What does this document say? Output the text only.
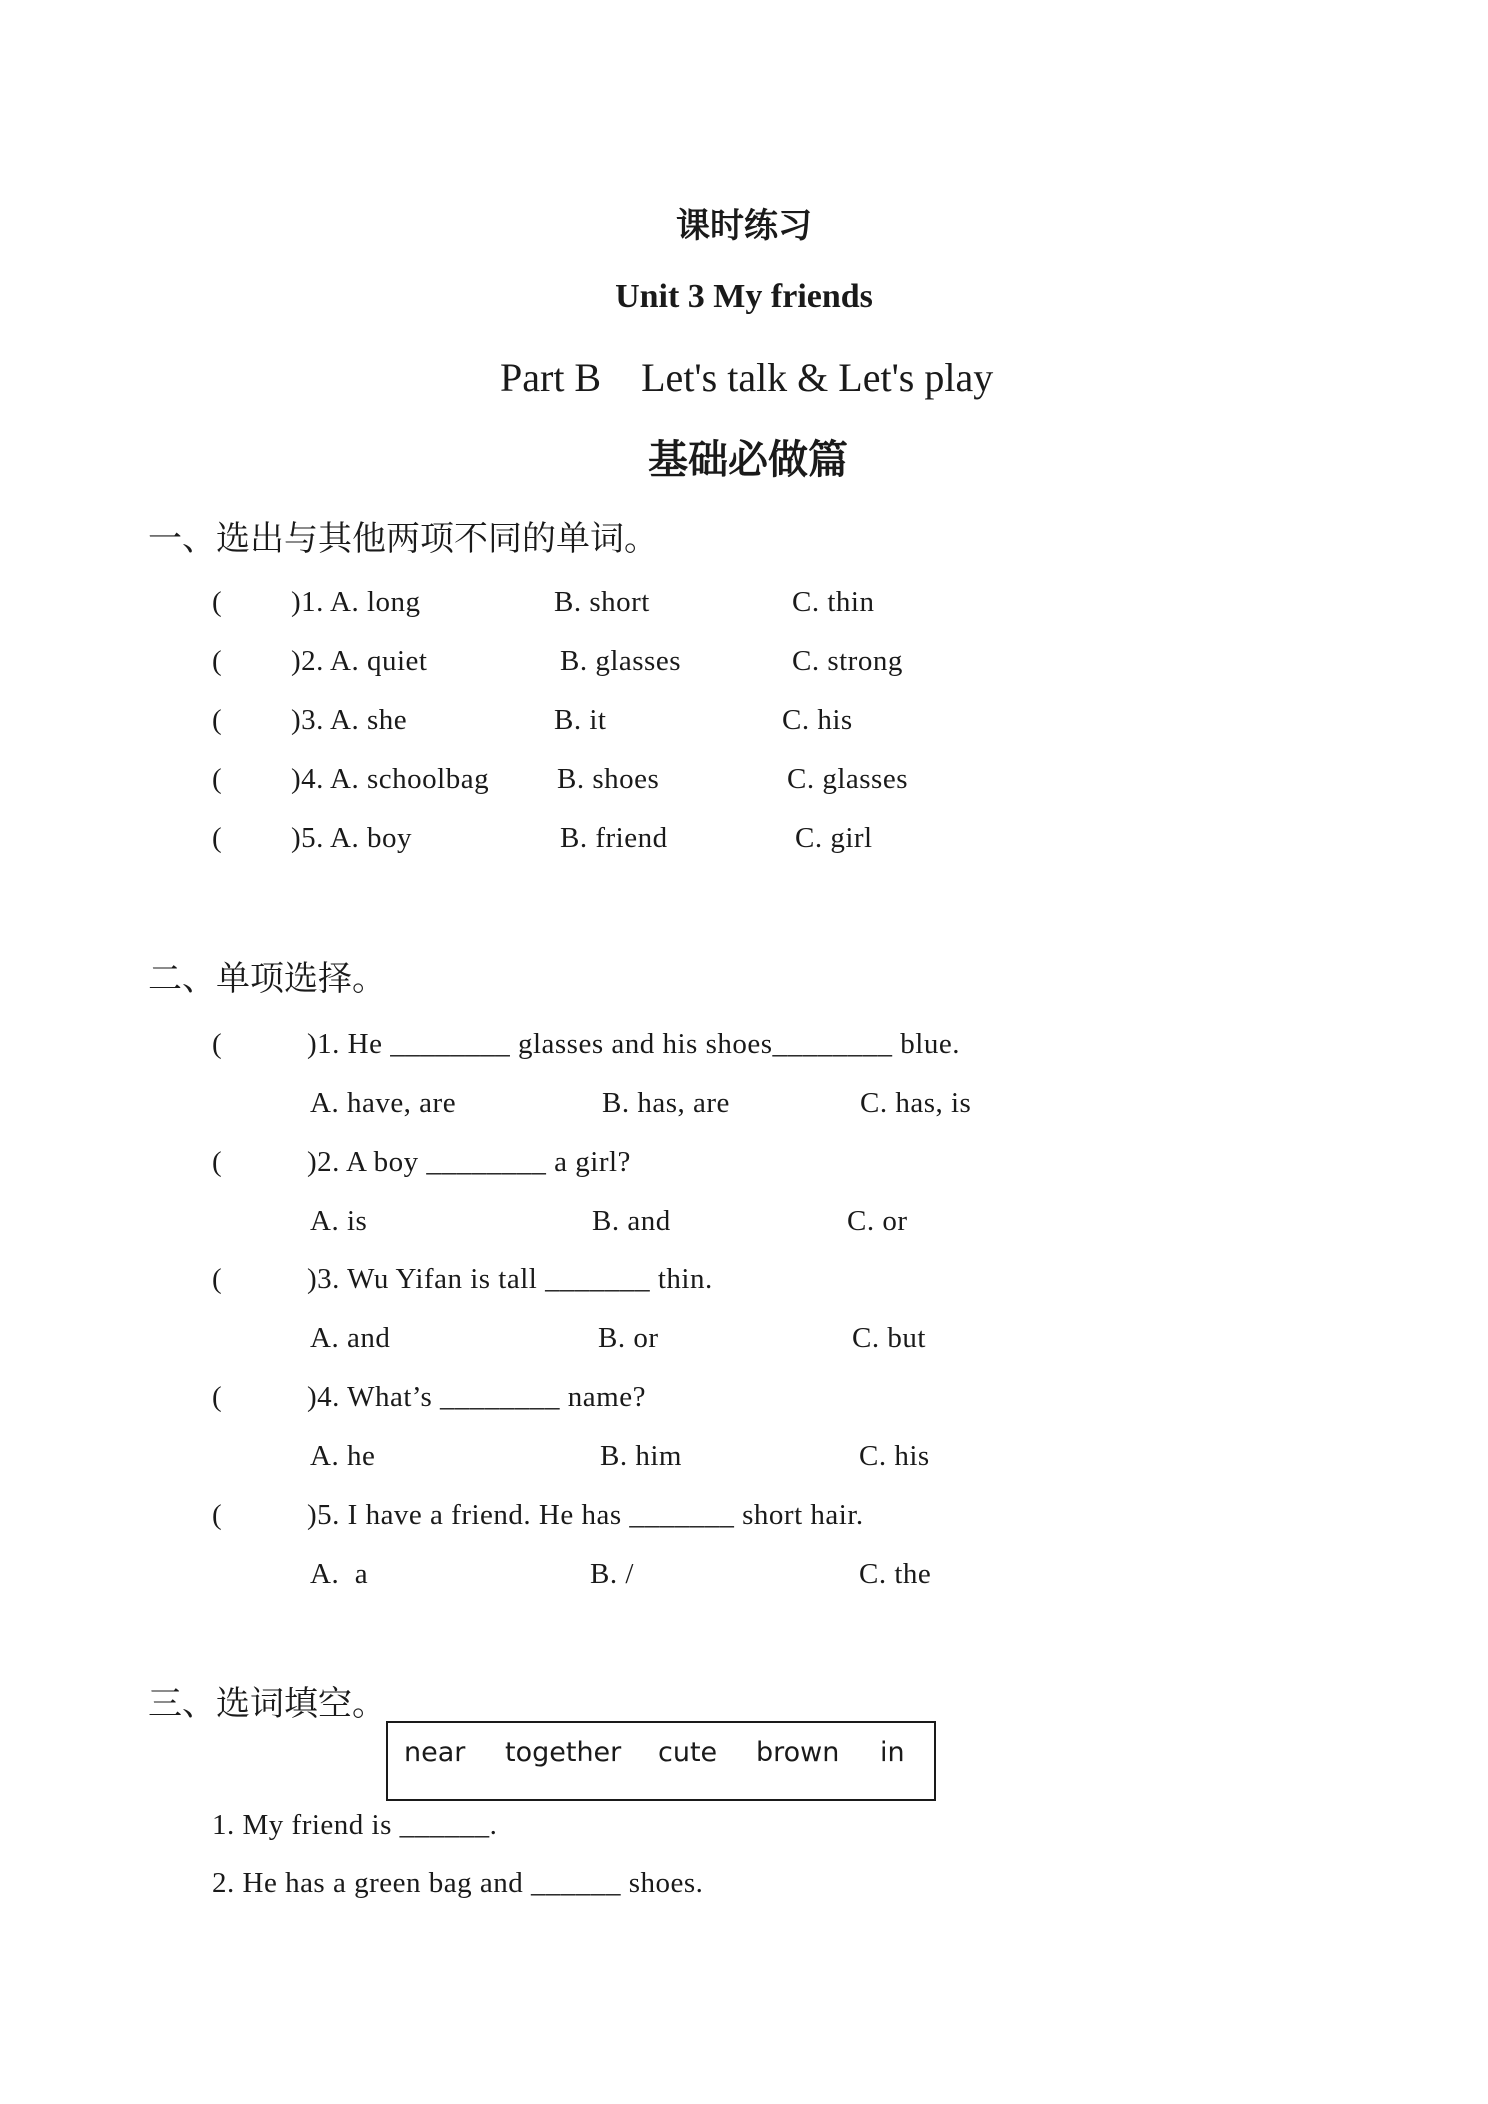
课时练习
Unit 3 My friends
Part B Let's talk & Let's play
基础必做篇
一、选出与其他两项不同的单词。
( )1. A. long	B. short	C. thin
( )2. A. quiet	B. glasses	C. strong
( )3. A. she	B. it	C. his
( )4. A. schoolbag B. shoes	C. glasses
( )5. A. boy	B. friend	C. girl
二、单项选择。
(	)1. He ________ glasses and his shoes________ blue.
A. have, are	B. has, are	C. has, is
(	)2. A boy ________ a girl?
A. is	B. and	C. or
(	)3. Wu Yifan is tall _______ thin.
A. and	B. or	C. but
(	)4. What’s ________ name?
A. he	B. him	C. his
(	)5. I have a friend. He has _______ short hair.
A.  a	B. /	C. the
三、选词填空。
near together cute brown in
1. My friend is ______.
2. He has a green bag and ______ shoes.
